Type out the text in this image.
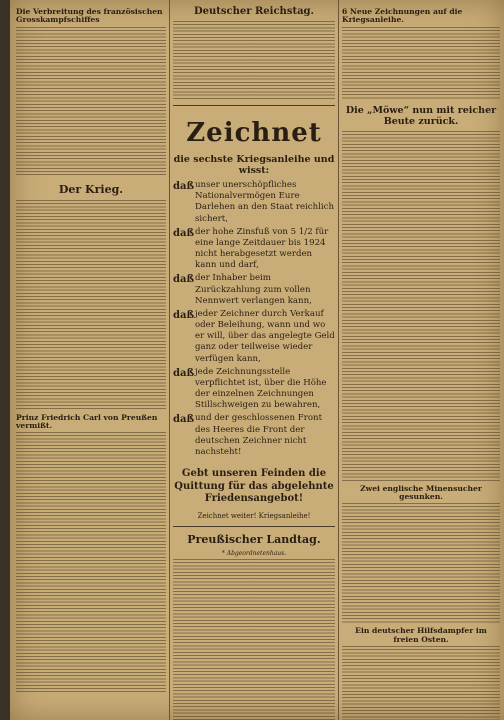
Die Verbreitung des französischen Grosskampfschiffes
Der Krieg.
Prinz Friedrich Carl von Preußen vermißt.
Deutscher Reichstag.
Zeichnet
die sechste Kriegsanleihe und wisst:
daß unser unerschöpfliches Nationalvermögen Eure Darlehen an den Staat reichlich sichert,
daß der hohe Zinsfuß von 5 1/2 für eine lange Zeitdauer bis 1924 nicht herabgesetzt werden kann und darf,
daß der Inhaber beim Zurückzahlung zum vollen Nennwert verlangen kann,
daß jeder Zeichner durch Verkauf oder Beleihung, wann und wo er will, über das angelegte Geld ganz oder teilweise wieder verfügen kann,
daß jede Zeichnungsstelle verpflichtet ist, über die Höhe der einzelnen Zeichnungen Stillschweigen zu bewahren,
daß und der geschlossenen Front des Heeres die Front der deutschen Zeichner nicht nachsteht!
Gebt unseren Feinden die Quittung für das abgelehnte Friedensangebot!
Zeichnet weiter! Kriegsanleihe!
Preußischer Landtag.
* Abgeordnetenhaus.
6 Neue Zeichnungen auf die Kriegsanleihe.
Die „Möwe“ nun mit reicher Beute zurück.
Zwei englische Minensucher gesunken.
Ein deutscher Hilfsdampfer im freien Osten.
